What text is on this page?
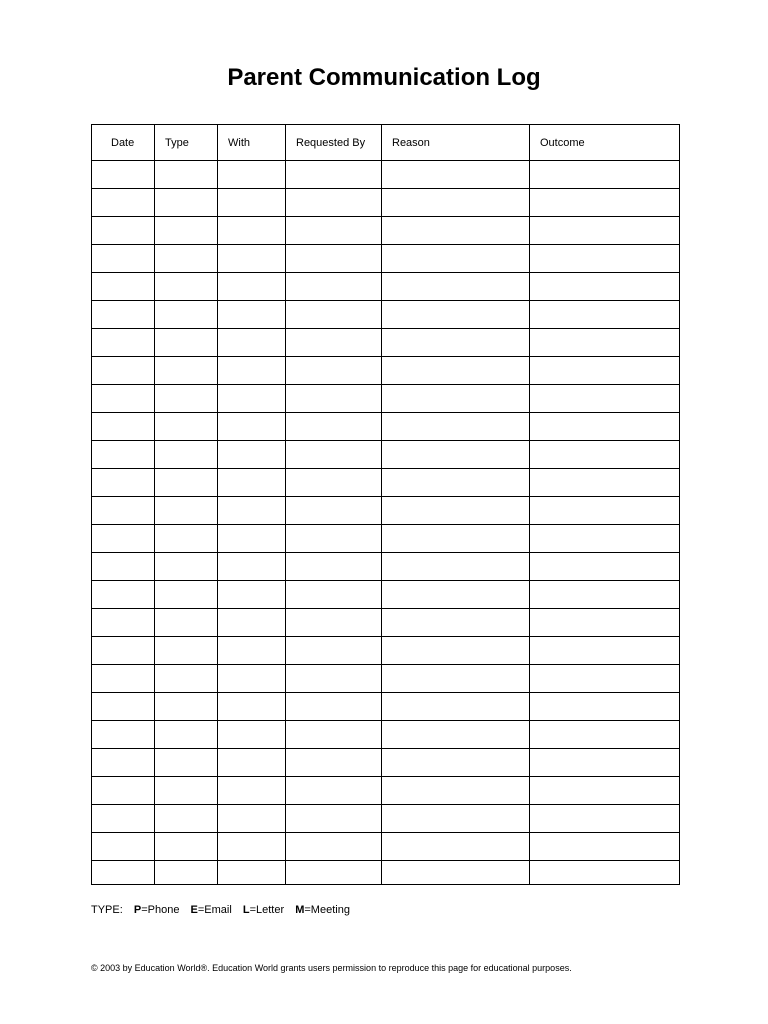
Parent Communication Log
Date	Type	With	Requested By	Reason	Outcome

TYPE: P=Phone E=Email L=Letter M=Meeting
© 2003 by Education World®. Education World grants users permission to reproduce this page for educational purposes.
